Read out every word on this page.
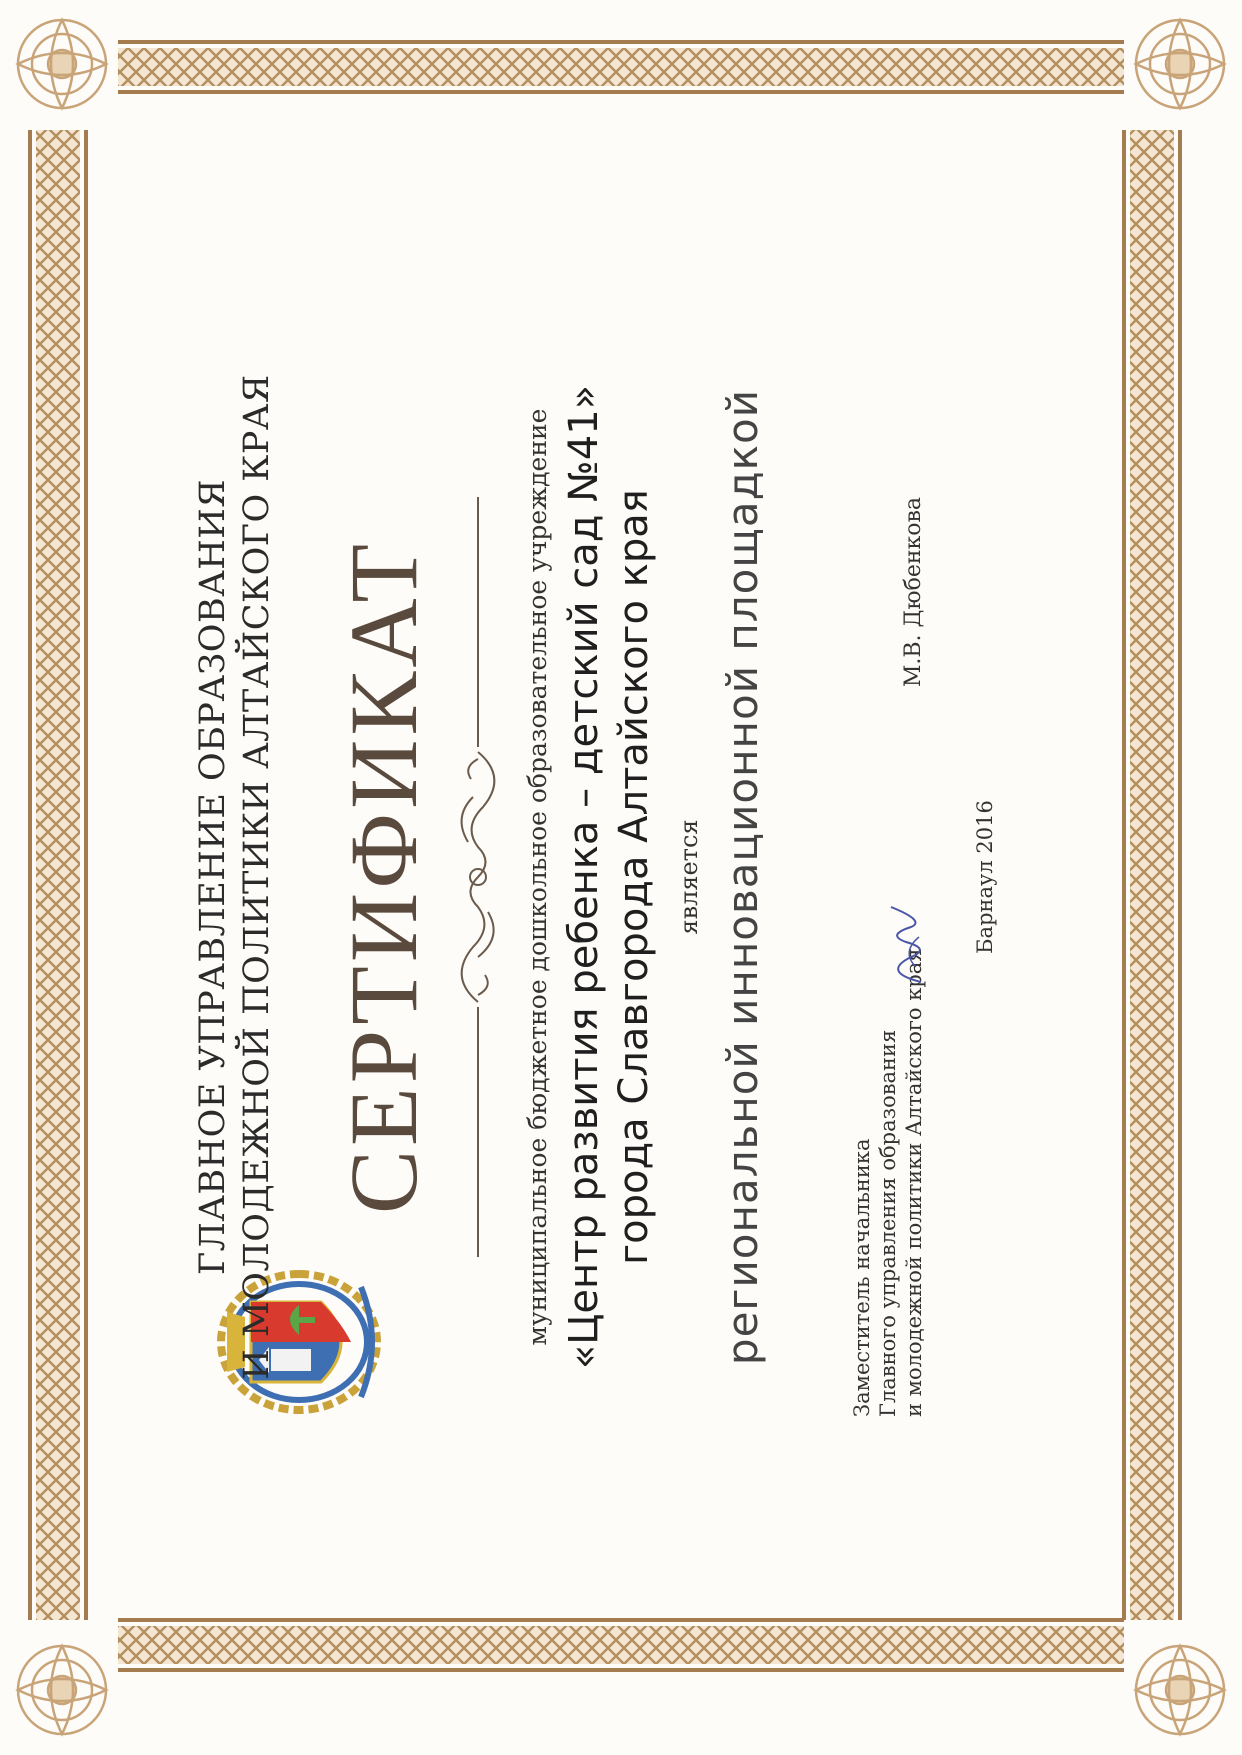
ГЛАВНОЕ УПРАВЛЕНИЕ ОБРАЗОВАНИЯ И МОЛОДЕЖНОЙ ПОЛИТИКИ АЛТАЙСКОГО КРАЯ СЕРТИФИКАТ	муниципальное бюджетное дошкольное образовательное учреждение «Центр развития ребенка – детский сад №41» города Славгорода Алтайского края является региональной инновационной площадкой	Заместитель начальника Главного управления образования и молодежной политики Алтайского края
М.В. Дюбенкова
Барнаул 2016
